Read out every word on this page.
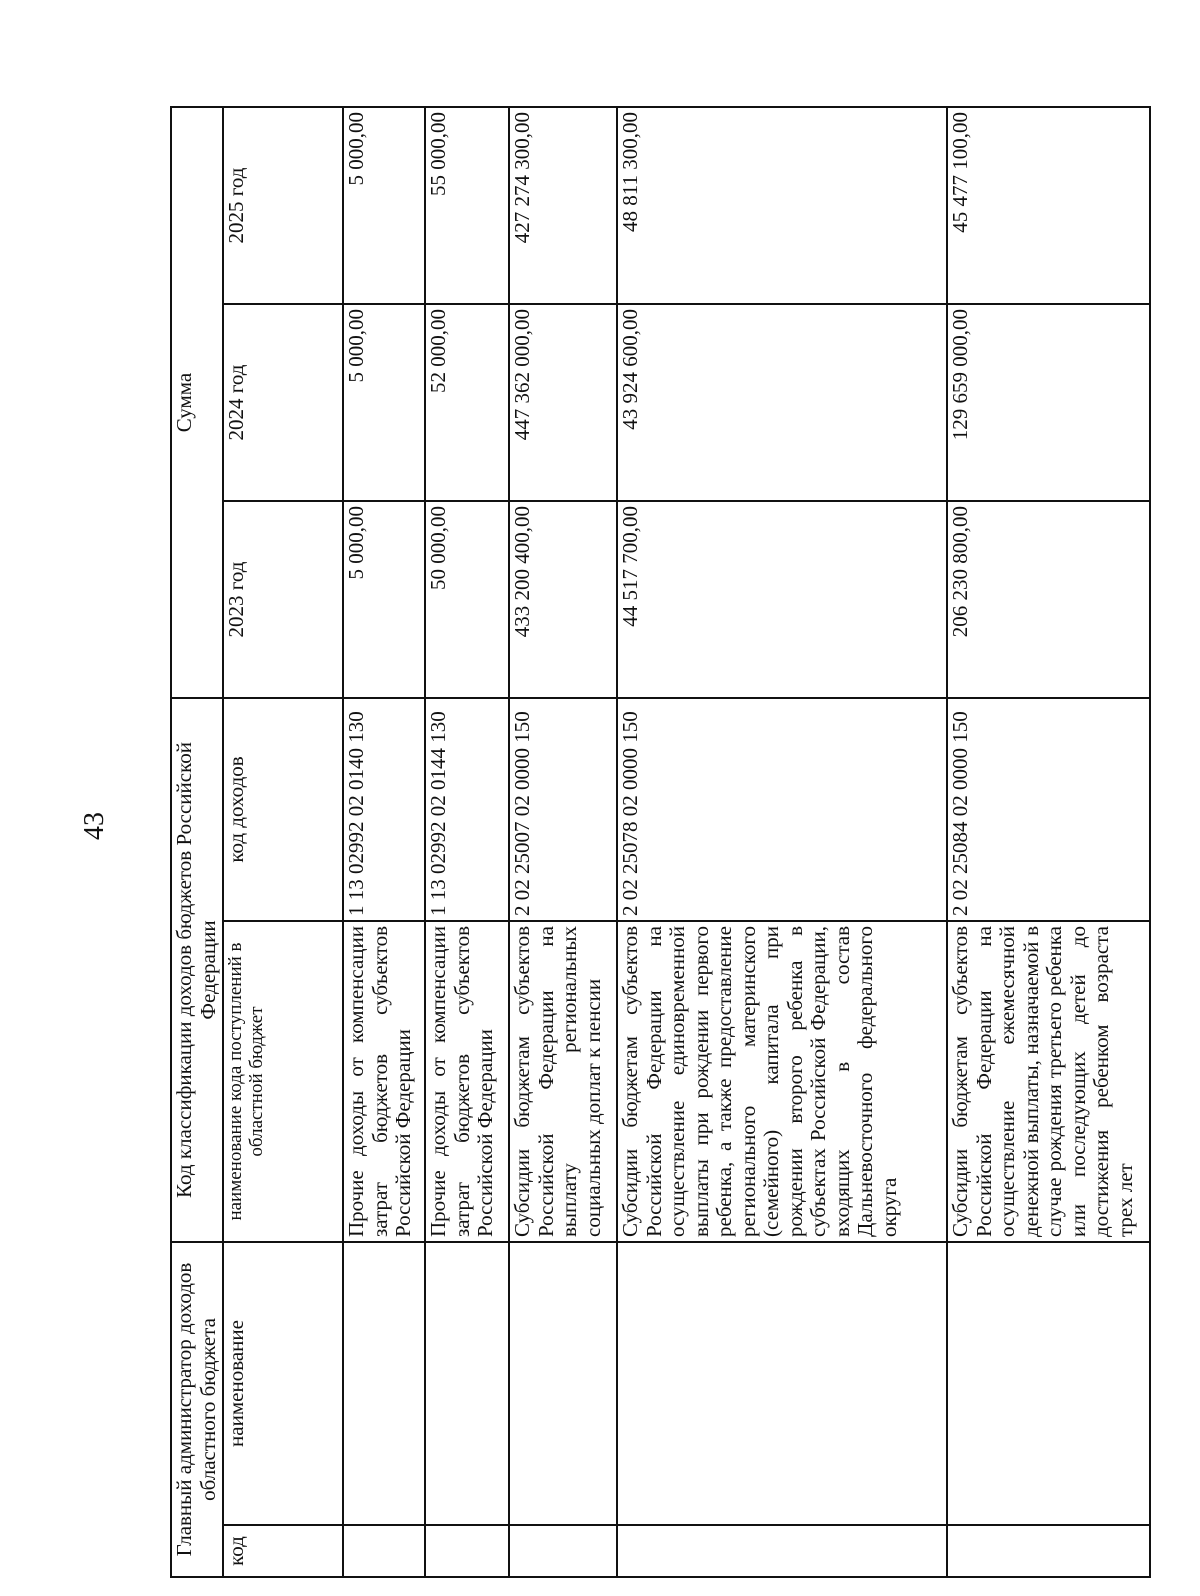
43
Главный администратор доходов областного бюджета		Код классификации доходов бюджетов Российской Федерации		Сумма		
код	наименование	наименование кода поступлений в областной бюджет	код доходов	2023 год	2024 год	2025 год
		Прочие доходы от компенсации затрат бюджетов субъектов Российской Федерации	1 13 02992 02 0140 130	5 000,00	5 000,00	5 000,00
		Прочие доходы от компенсации затрат бюджетов субъектов Российской Федерации	1 13 02992 02 0144 130	50 000,00	52 000,00	55 000,00
		Субсидии бюджетам субъектов Российской Федерации на выплату региональных социальных доплат к пенсии	2 02 25007 02 0000 150	433 200 400,00	447 362 000,00	427 274 300,00
		Субсидии бюджетам субъектов Российской Федерации на осуществление единовременной выплаты при рождении первого ребенка, а также предоставление регионального материнского (семейного) капитала при рождении второго ребенка в субъектах Российской Федерации, входящих в состав Дальневосточного федерального округа	2 02 25078 02 0000 150	44 517 700,00	43 924 600,00	48 811 300,00
		Субсидии бюджетам субъектов Российской Федерации на осуществление ежемесячной денежной выплаты, назначаемой в случае рождения третьего ребенка или последующих детей до достижения ребенком возраста трех лет	2 02 25084 02 0000 150	206 230 800,00	129 659 000,00	45 477 100,00
